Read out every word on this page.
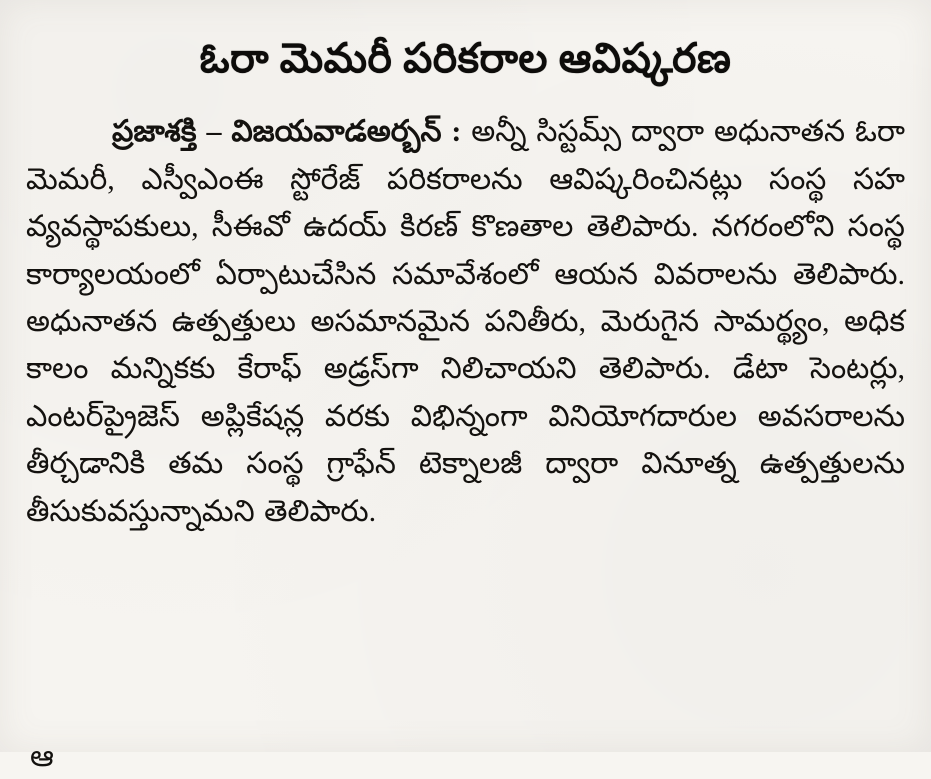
ఓరా మెమరీ పరికరాల ఆవిష్కరణ

ప్రజాశక్తి – విజయవాడఅర్బన్ : అన్నీ సిస్టమ్స్ ద్వారా అధునాతన ఓరా మెమరీ, ఎస్వీఎంఈ స్టోరేజ్ పరికరాలను ఆవిష్కరించినట్లు సంస్థ సహ వ్యవస్థాపకులు, సీఈవో ఉదయ్ కిరణ్ కొణతాల తెలిపారు. నగరంలోని సంస్థ కార్యాలయంలో ఏర్పాటుచేసిన సమావేశంలో ఆయన వివరాలను తెలిపారు. అధునాతన ఉత్పత్తులు అసమానమైన పనితీరు, మెరుగైన సామర్థ్యం, అధిక కాలం మన్నికకు కేరాఫ్ అడ్రస్‌గా నిలిచాయని తెలిపారు. డేటా సెంటర్లు, ఎంటర్‌ప్రైజెస్ అప్లికేషన్ల వరకు విభిన్నంగా వినియోగదారుల అవసరాలను తీర్చడానికి తమ సంస్థ గ్రాఫేన్ టెక్నాలజీ ద్వారా వినూత్న ఉత్పత్తులను తీసుకువస్తున్నామని తెలిపారు.

ఆ
